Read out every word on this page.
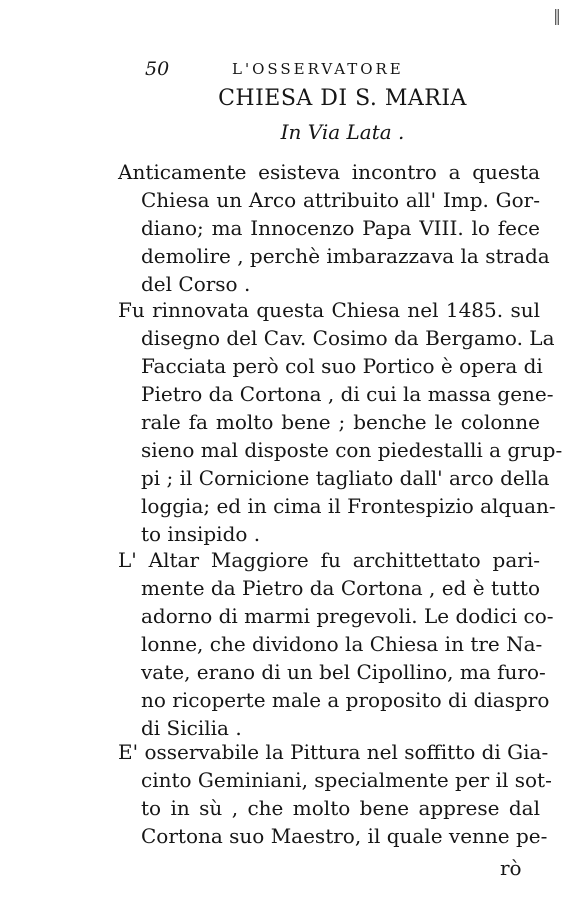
‖
50	L'OSSERVATORE
CHIESA DI S. MARIA
In Via Lata .
Anticamente esisteva incontro a questa
Chiesa un Arco attribuito all' Imp. Gor-
diano; ma Innocenzo Papa VIII. lo fece
demolire , perchè imbarazzava la strada
del Corso .
Fu rinnovata questa Chiesa nel 1485. sul
disegno del Cav. Cosimo da Bergamo. La
Facciata però col suo Portico è opera di
Pietro da Cortona , di cui la massa gene-
rale fa molto bene ; benche le colonne
sieno mal disposte con piedestalli a grup-
pi ; il Cornicione tagliato dall' arco della
loggia; ed in cima il Frontespizio alquan-
to insipido .
L' Altar Maggiore fu archittettato pari-
mente da Pietro da Cortona , ed è tutto
adorno di marmi pregevoli. Le dodici co-
lonne, che dividono la Chiesa in tre Na-
vate, erano di un bel Cipollino, ma furo-
no ricoperte male a proposito di diaspro
di Sicilia .
E' osservabile la Pittura nel soffitto di Gia-
cinto Geminiani, specialmente per il sot-
to in sù , che molto bene apprese dal
Cortona suo Maestro, il quale venne pe-
rò
